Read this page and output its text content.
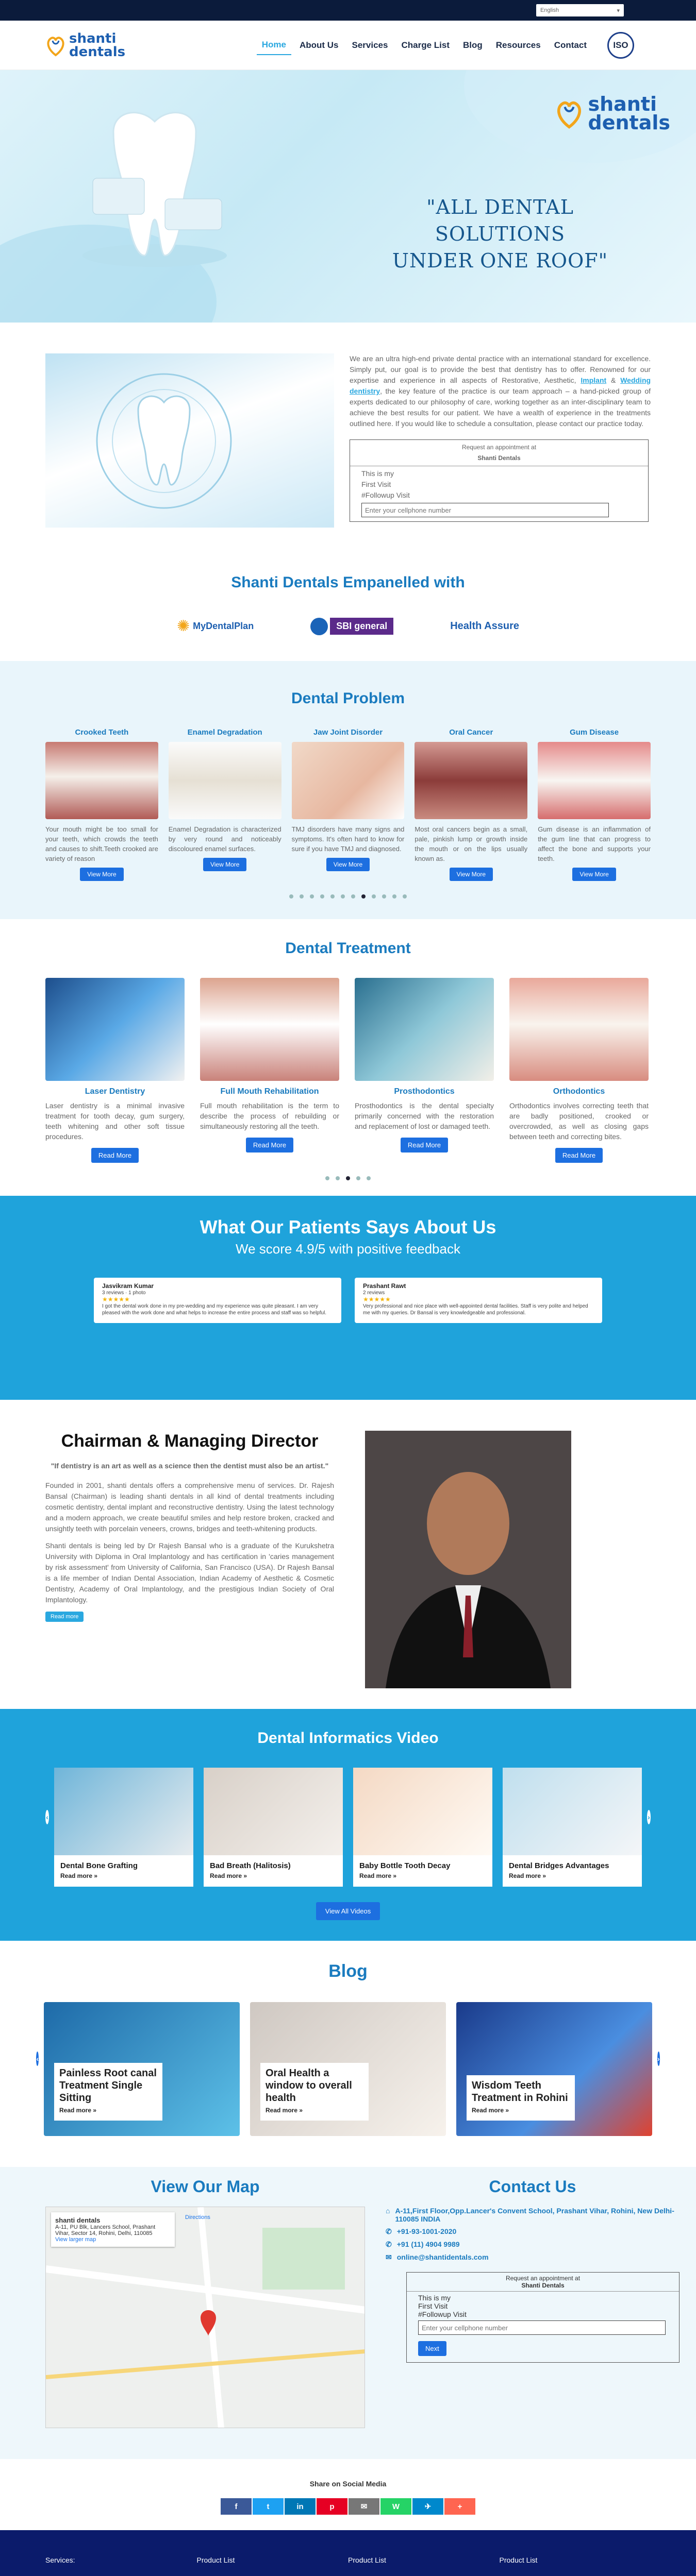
English	▾
shanti
dentals	Home	About Us	Services	Charge List	Blog	Resources	Contact	ISO
shanti
dentals
"ALL DENTAL SOLUTIONS
UNDER ONE ROOF"

We are an ultra high-end private dental practice with an international standard for excellence. Simply put, our goal is to provide the best that dentistry has to offer. Renowned for our expertise and experience in all aspects of Restorative, Aesthetic, Implant & Wedding dentistry, the key feature of the practice is our team approach – a hand-picked group of experts dedicated to our philosophy of care, working together as an inter-disciplinary team to achieve the best results for our patient. We have a wealth of experience in the treatments outlined here. If you would like to schedule a consultation, please contact our practice today.

Request an appointment at
Shanti Dentals
This is my
First Visit
#Followup Visit
Enter your cellphone number
Shanti Dentals Empanelled with
✺ MyDentalPlan	SBI general	Health Assure
Dental Problem
Crooked Teeth
Your mouth might be too small for your teeth, which crowds the teeth and causes to shift.Teeth crooked are variety of reason
View More
Enamel Degradation
Enamel Degradation is characterized by very round and noticeably discoloured enamel surfaces.
View More
Jaw Joint Disorder
TMJ disorders have many signs and symptoms. It's often hard to know for sure if you have TMJ and diagnosed.
View More
Oral Cancer
Most oral cancers begin as a small, pale, pinkish lump or growth inside the mouth or on the lips usually known as.
View More
Gum Disease
Gum disease is an inflammation of the gum line that can progress to affect the bone and supports your teeth.
View More
Dental Treatment
Laser Dentistry
Laser dentistry is a minimal invasive treatment for tooth decay, gum surgery, teeth whitening and other soft tissue procedures.
Read More
Full Mouth Rehabilitation
Full mouth rehabilitation is the term to describe the process of rebuilding or simultaneously restoring all the teeth.
Read More
Prosthodontics
Prosthodontics is the dental specialty primarily concerned with the restoration and replacement of lost or damaged teeth.
Read More
Orthodontics
Orthodontics involves correcting teeth that are badly positioned, crooked or overcrowded, as well as closing gaps between teeth and correcting bites.
Read More
What Our Patients Says About Us
We score 4.9/5 with positive feedback
Jasvikram Kumar
3 reviews · 1 photo
★★★★★
I got the dental work done in my pre-wedding and my experience was quite pleasant. I am very pleased with the work done and what helps to increase the entire process and staff was so helpful.
Prashant Rawt
2 reviews
★★★★★
Very professional and nice place with well-appointed dental facilities. Staff is very polite and helped me with my queries. Dr Bansal is very knowledgeable and professional.
Chairman & Managing Director
"If dentistry is an art as well as a science then the dentist must also be an artist."

Founded in 2001, shanti dentals offers a comprehensive menu of services. Dr. Rajesh Bansal (Chairman) is leading shanti dentals in all kind of dental treatments including cosmetic dentistry, dental implant and reconstructive dentistry. Using the latest technology and a modern approach, we create beautiful smiles and help restore broken, cracked and unsightly teeth with porcelain veneers, crowns, bridges and teeth-whitening products.

Shanti dentals is being led by Dr Rajesh Bansal who is a graduate of the Kurukshetra University with Diploma in Oral Implantology and has certification in 'caries management by risk assessment' from University of California, San Francisco (USA). Dr Rajesh Bansal is a life member of Indian Dental Association, Indian Academy of Aesthetic & Cosmetic Dentistry, Academy of Oral Implantology, and the prestigious Indian Society of Oral Implantology.

Read more
Dental Informatics Video
‹
Dental Bone Grafting
Read more »
Bad Breath (Halitosis)
Read more »
Baby Bottle Tooth Decay
Read more »
Dental Bridges Advantages
Read more »
›
View All Videos
Blog
‹
Painless Root canal Treatment Single Sitting
Read more »
Oral Health a window to overall health
Read more »
Wisdom Teeth Treatment in Rohini
Read more »
›
View Our Map
shanti dentals
A-11, PU Blk, Lancers School, Prashant Vihar, Sector 14, Rohini, Delhi, 110085
View larger map
Directions
Contact Us
⌂ A-11,First Floor,Opp.Lancer's Convent School, Prashant Vihar, Rohini, New Delhi-110085 INDIA
✆ +91-93-1001-2020
✆ +91 (11) 4904 9989
✉ online@shantidentals.com
Request an appointment at
Shanti Dentals
This is my
First Visit
#Followup Visit
Enter your cellphone number
Next
Share on Social Media
f	t	in	p	✉	W	✈	+
Services:	Product List	Product List	Product List
